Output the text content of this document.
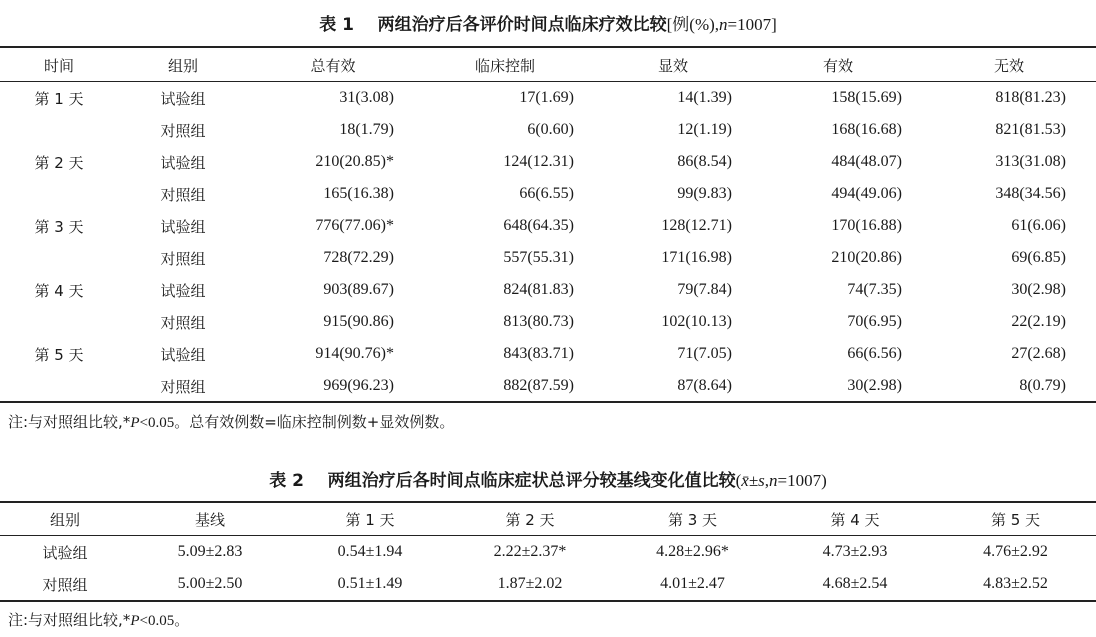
表 1 两组治疗后各评价时间点临床疗效比较[例(%),n=1007]
时间	组别	总有效	临床控制	显效	有效	无效
第 1 天	试验组	31(3.08)	17(1.69)	14(1.39)	158(15.69)	818(81.23)
	对照组	18(1.79)	6(0.60)	12(1.19)	168(16.68)	821(81.53)
第 2 天	试验组	210(20.85)*	124(12.31)	86(8.54)	484(48.07)	313(31.08)
	对照组	165(16.38)	66(6.55)	99(9.83)	494(49.06)	348(34.56)
第 3 天	试验组	776(77.06)*	648(64.35)	128(12.71)	170(16.88)	61(6.06)
	对照组	728(72.29)	557(55.31)	171(16.98)	210(20.86)	69(6.85)
第 4 天	试验组	903(89.67)	824(81.83)	79(7.84)	74(7.35)	30(2.98)
	对照组	915(90.86)	813(80.73)	102(10.13)	70(6.95)	22(2.19)
第 5 天	试验组	914(90.76)*	843(83.71)	71(7.05)	66(6.56)	27(2.68)
	对照组	969(96.23)	882(87.59)	87(8.64)	30(2.98)	8(0.79)
注:与对照组比较,*P<0.05。总有效例数=临床控制例数+显效例数。
表 2 两组治疗后各时间点临床症状总评分较基线变化值比较(x̄±s,n=1007)
组别	基线	第 1 天	第 2 天	第 3 天	第 4 天	第 5 天
试验组	5.09±2.83	0.54±1.94	2.22±2.37*	4.28±2.96*	4.73±2.93	4.76±2.92
对照组	5.00±2.50	0.51±1.49	1.87±2.02	4.01±2.47	4.68±2.54	4.83±2.52
注:与对照组比较,*P<0.05。
